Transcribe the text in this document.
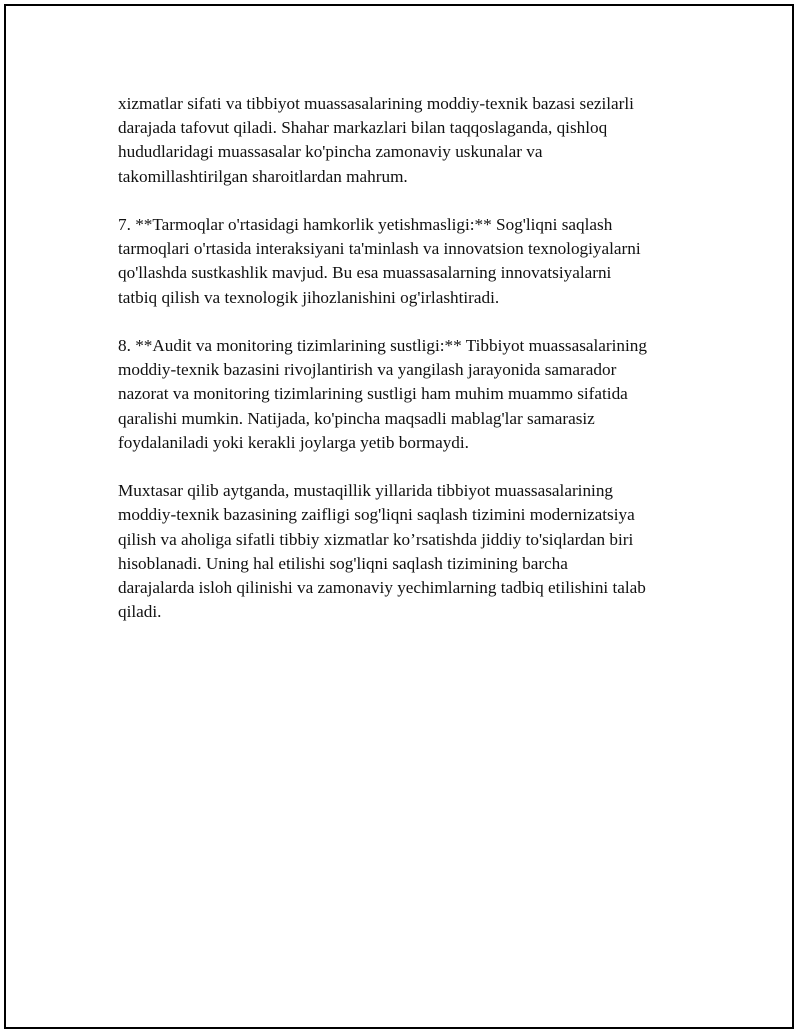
xizmatlar sifati va tibbiyot muassasalarining moddiy-texnik bazasi sezilarli
darajada tafovut qiladi. Shahar markazlari bilan taqqoslaganda, qishloq
hududlaridagi muassasalar ko'pincha zamonaviy uskunalar va
takomillashtirilgan sharoitlardan mahrum.

7. **Tarmoqlar o'rtasidagi hamkorlik yetishmasligi:** Sog'liqni saqlash
tarmoqlari o'rtasida interaksiyani ta'minlash va innovatsion texnologiyalarni
qo'llashda sustkashlik mavjud. Bu esa muassasalarning innovatsiyalarni
tatbiq qilish va texnologik jihozlanishini og'irlashtiradi.

8. **Audit va monitoring tizimlarining sustligi:** Tibbiyot muassasalarining
moddiy-texnik bazasini rivojlantirish va yangilash jarayonida samarador
nazorat va monitoring tizimlarining sustligi ham muhim muammo sifatida
qaralishi mumkin. Natijada, ko'pincha maqsadli mablag'lar samarasiz
foydalaniladi yoki kerakli joylarga yetib bormaydi.

Muxtasar qilib aytganda, mustaqillik yillarida tibbiyot muassasalarining
moddiy-texnik bazasining zaifligi sog'liqni saqlash tizimini modernizatsiya
qilish va aholiga sifatli tibbiy xizmatlar ko’rsatishda jiddiy to'siqlardan biri
hisoblanadi. Uning hal etilishi sog'liqni saqlash tizimining barcha
darajalarda isloh qilinishi va zamonaviy yechimlarning tadbiq etilishini talab
qiladi.
